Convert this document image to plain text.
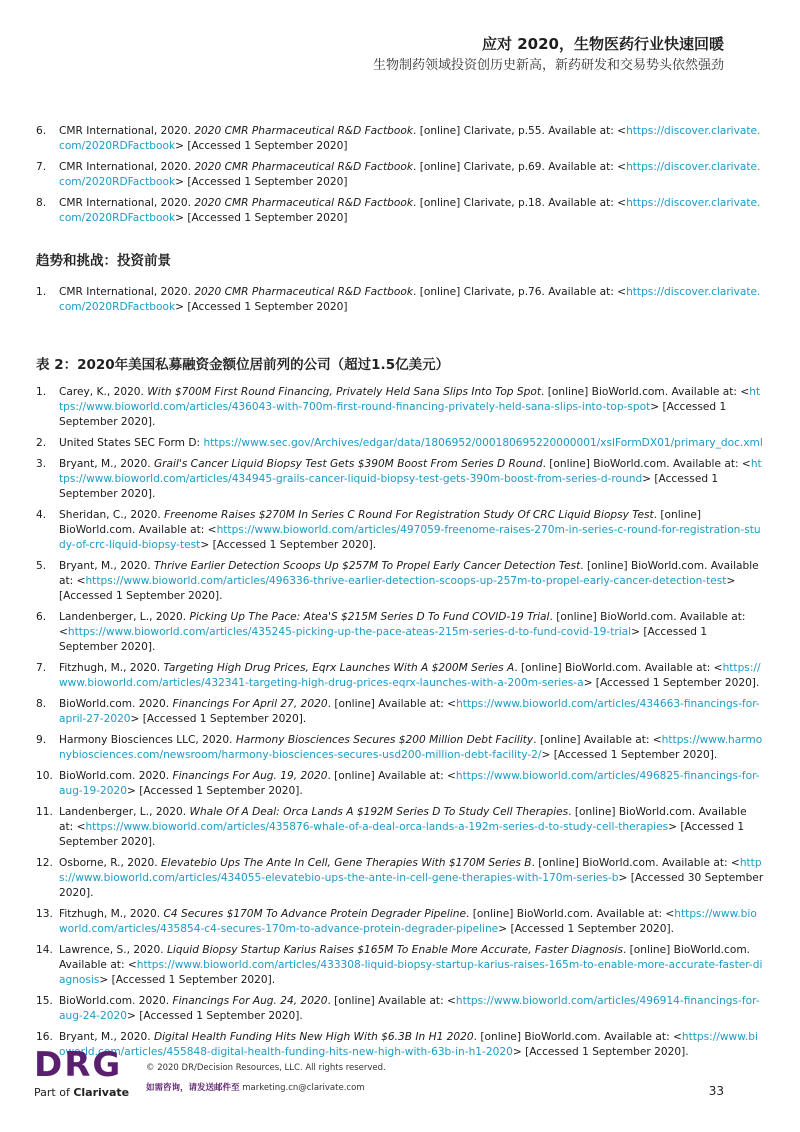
应对 2020，生物医药行业快速回暖
生物制药领域投资创历史新高，新药研发和交易势头依然强劲
6.	CMR International, 2020. 2020 CMR Pharmaceutical R&D Factbook. [online] Clarivate, p.55. Available at: <https://discover.clarivate.com/2020RDFactbook> [Accessed 1 September 2020]
7.	CMR International, 2020. 2020 CMR Pharmaceutical R&D Factbook. [online] Clarivate, p.69. Available at: <https://discover.clarivate.com/2020RDFactbook> [Accessed 1 September 2020]
8.	CMR International, 2020. 2020 CMR Pharmaceutical R&D Factbook. [online] Clarivate, p.18. Available at: <https://discover.clarivate.com/2020RDFactbook> [Accessed 1 September 2020]
趋势和挑战：投资前景
1.	CMR International, 2020. 2020 CMR Pharmaceutical R&D Factbook. [online] Clarivate, p.76. Available at: <https://discover.clarivate.com/2020RDFactbook> [Accessed 1 September 2020]
表 2：2020年美国私募融资金额位居前列的公司（超过1.5亿美元）
1.	Carey, K., 2020. With $700M First Round Financing, Privately Held Sana Slips Into Top Spot. [online] BioWorld.com. Available at: <https://www.bioworld.com/articles/436043-with-700m-first-round-financing-privately-held-sana-slips-into-top-spot> [Accessed 1 September 2020].
2.	United States SEC Form D: https://www.sec.gov/Archives/edgar/data/1806952/000180695220000001/xslFormDX01/primary_doc.xml
3.	Bryant, M., 2020. Grail's Cancer Liquid Biopsy Test Gets $390M Boost From Series D Round. [online] BioWorld.com. Available at: <https://www.bioworld.com/articles/434945-grails-cancer-liquid-biopsy-test-gets-390m-boost-from-series-d-round> [Accessed 1 September 2020].
4.	Sheridan, C., 2020. Freenome Raises $270M In Series C Round For Registration Study Of CRC Liquid Biopsy Test. [online] BioWorld.com. Available at: <https://www.bioworld.com/articles/497059-freenome-raises-270m-in-series-c-round-for-registration-study-of-crc-liquid-biopsy-test> [Accessed 1 September 2020].
5.	Bryant, M., 2020. Thrive Earlier Detection Scoops Up $257M To Propel Early Cancer Detection Test. [online] BioWorld.com. Available at: <https://www.bioworld.com/articles/496336-thrive-earlier-detection-scoops-up-257m-to-propel-early-cancer-detection-test> [Accessed 1 September 2020].
6.	Landenberger, L., 2020. Picking Up The Pace: Atea'S $215M Series D To Fund COVID-19 Trial. [online] BioWorld.com. Available at: <https://www.bioworld.com/articles/435245-picking-up-the-pace-ateas-215m-series-d-to-fund-covid-19-trial> [Accessed 1 September 2020].
7.	Fitzhugh, M., 2020. Targeting High Drug Prices, Eqrx Launches With A $200M Series A. [online] BioWorld.com. Available at: <https://www.bioworld.com/articles/432341-targeting-high-drug-prices-eqrx-launches-with-a-200m-series-a> [Accessed 1 September 2020].
8.	BioWorld.com. 2020. Financings For April 27, 2020. [online] Available at: <https://www.bioworld.com/articles/434663-financings-for-april-27-2020> [Accessed 1 September 2020].
9.	Harmony Biosciences LLC, 2020. Harmony Biosciences Secures $200 Million Debt Facility. [online] Available at: <https://www.harmonybiosciences.com/newsroom/harmony-biosciences-secures-usd200-million-debt-facility-2/> [Accessed 1 September 2020].
10. BioWorld.com. 2020. Financings For Aug. 19, 2020. [online] Available at: <https://www.bioworld.com/articles/496825-financings-for-aug-19-2020> [Accessed 1 September 2020].
11. Landenberger, L., 2020. Whale Of A Deal: Orca Lands A $192M Series D To Study Cell Therapies. [online] BioWorld.com. Available at: <https://www.bioworld.com/articles/435876-whale-of-a-deal-orca-lands-a-192m-series-d-to-study-cell-therapies> [Accessed 1 September 2020].
12. Osborne, R., 2020. Elevatebio Ups The Ante In Cell, Gene Therapies With $170M Series B. [online] BioWorld.com. Available at: <https://www.bioworld.com/articles/434055-elevatebio-ups-the-ante-in-cell-gene-therapies-with-170m-series-b> [Accessed 30 September 2020].
13. Fitzhugh, M., 2020. C4 Secures $170M To Advance Protein Degrader Pipeline. [online] BioWorld.com. Available at: <https://www.bioworld.com/articles/435854-c4-secures-170m-to-advance-protein-degrader-pipeline> [Accessed 1 September 2020].
14. Lawrence, S., 2020. Liquid Biopsy Startup Karius Raises $165M To Enable More Accurate, Faster Diagnosis. [online] BioWorld.com. Available at: <https://www.bioworld.com/articles/433308-liquid-biopsy-startup-karius-raises-165m-to-enable-more-accurate-faster-diagnosis> [Accessed 1 September 2020].
15. BioWorld.com. 2020. Financings For Aug. 24, 2020. [online] Available at: <https://www.bioworld.com/articles/496914-financings-for-aug-24-2020> [Accessed 1 September 2020].
16. Bryant, M., 2020. Digital Health Funding Hits New High With $6.3B In H1 2020. [online] BioWorld.com. Available at: <https://www.bioworld.com/articles/455848-digital-health-funding-hits-new-high-with-63b-in-h1-2020> [Accessed 1 September 2020].
DRG
Part of Clarivate
© 2020 DR/Decision Resources, LLC. All rights reserved.
如需咨询，请发送邮件至 marketing.cn@clarivate.com	33
